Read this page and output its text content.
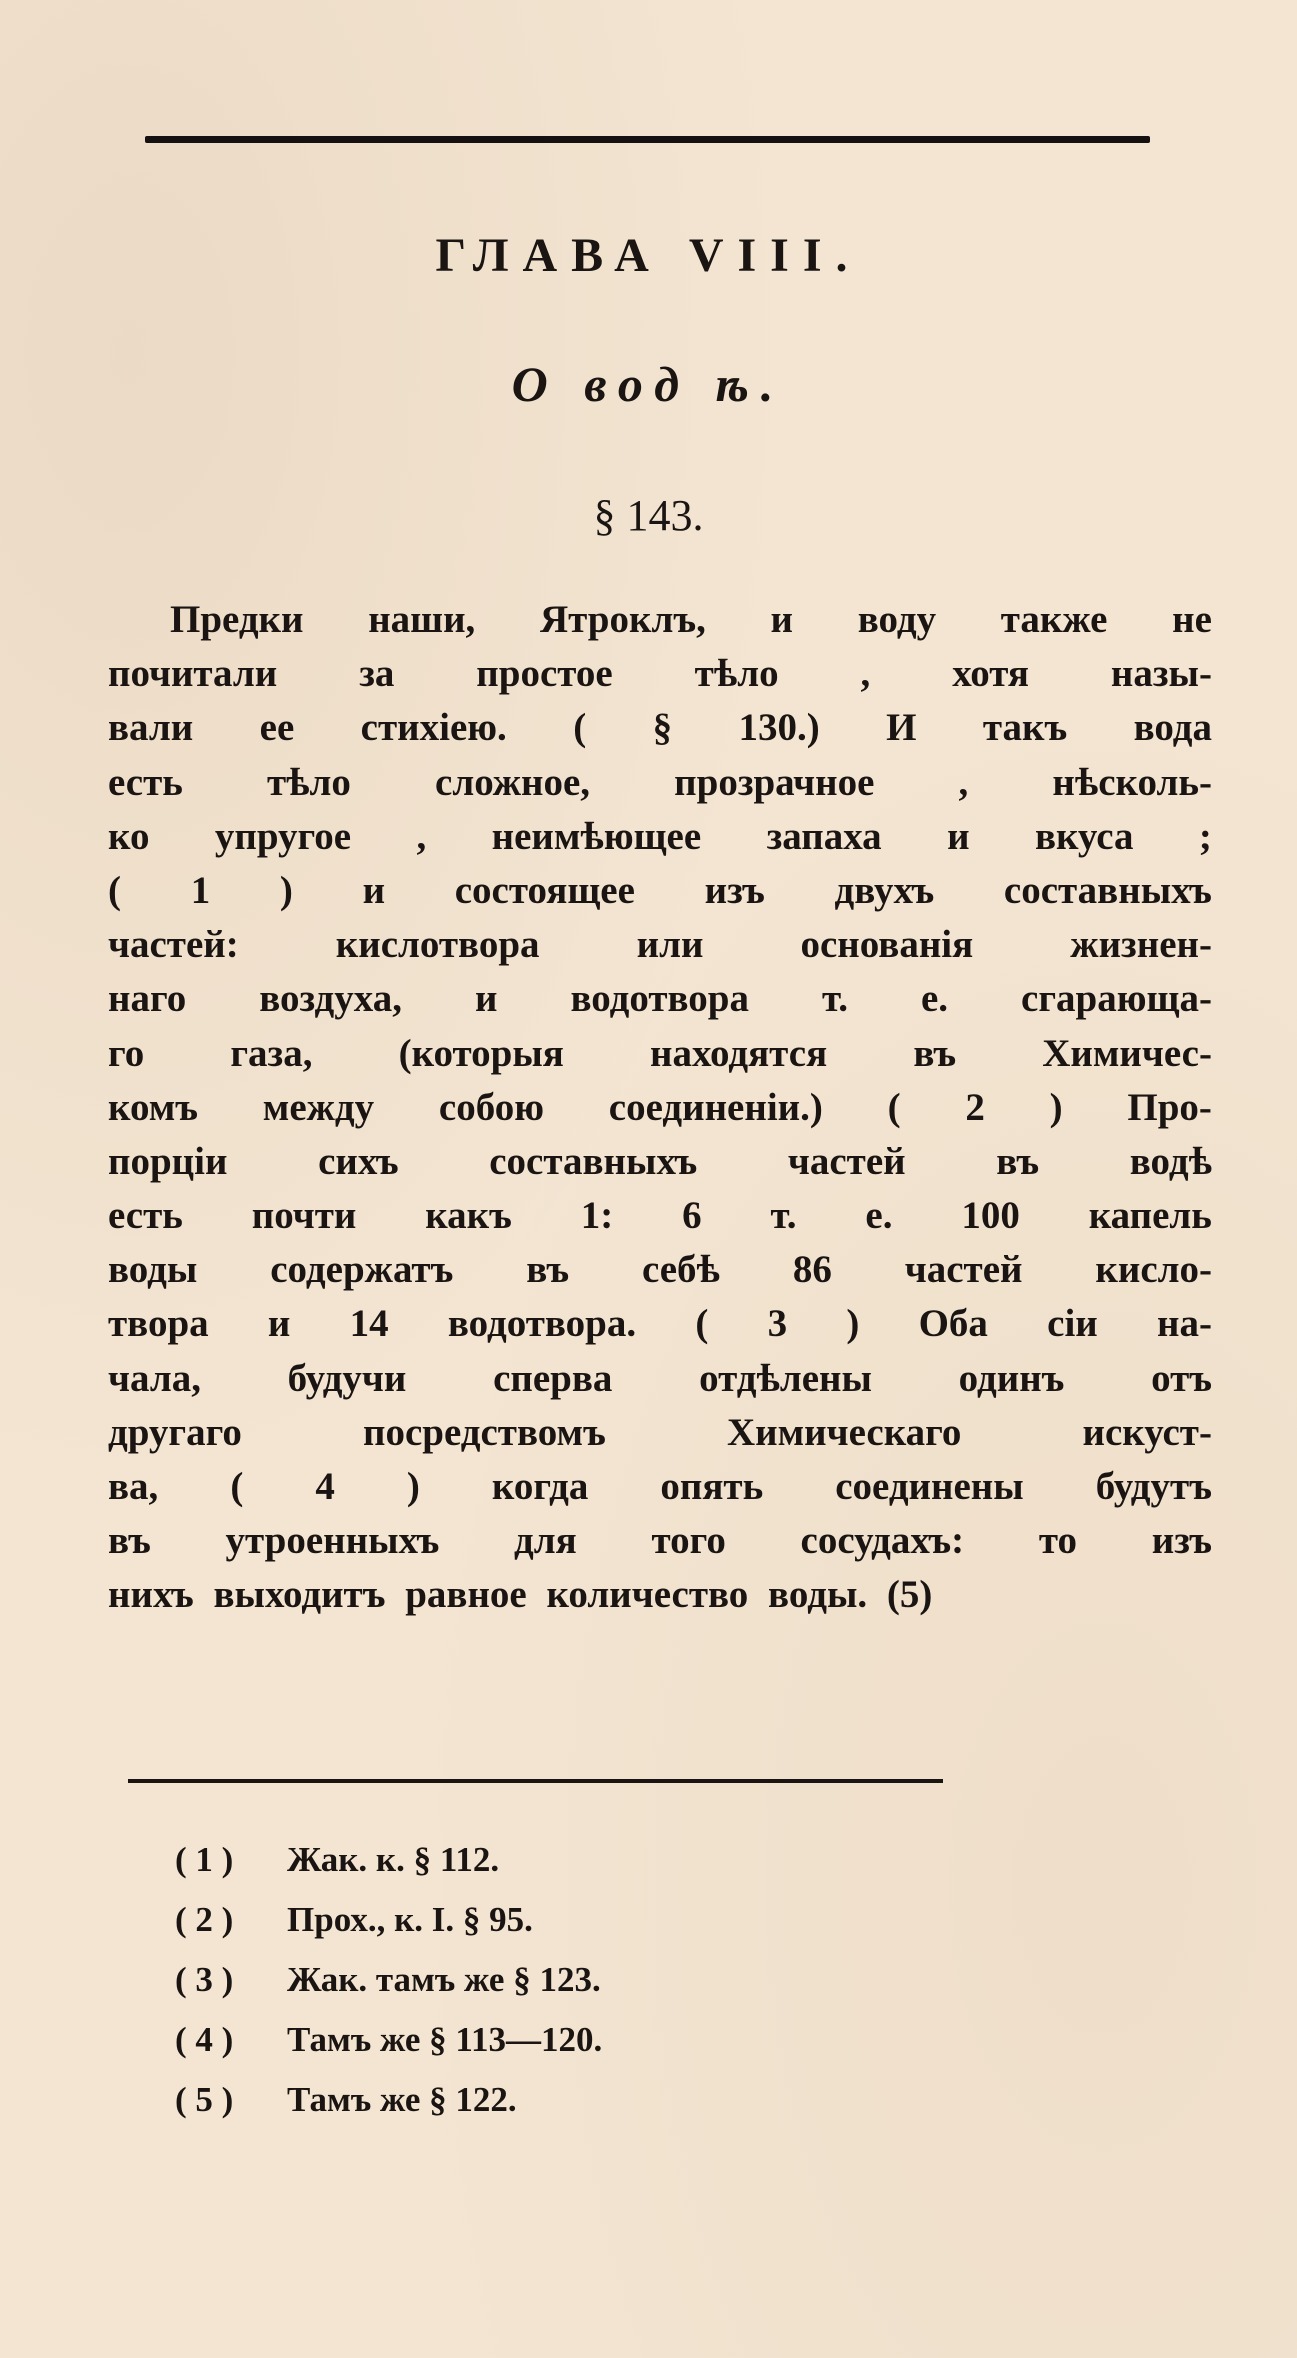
ГЛАВА VIII.
О вод ѣ.
§ 143.
Предки наши, Ятроклъ, и воду также не
почитали за простое тѣло , хотя назы-
вали ее стихіею. ( § 130.) И такъ вода
есть тѣло сложное, прозрачное , нѣсколь-
ко упругое , неимѣющее запаха и вкуса ;
( 1 ) и состоящее изъ двухъ составныхъ
частей: кислотвора или основанія жизнен-
наго воздуха, и водотвора т. е. сгарающа-
го газа, (которыя находятся въ Химичес-
комъ между собою соединеніи.) ( 2 ) Про-
порціи сихъ составныхъ частей въ водѣ
есть почти какъ 1: 6 т. е. 100 капель
воды содержатъ въ себѣ 86 частей кисло-
твора и 14 водотвора. ( 3 ) Оба сіи на-
чала, будучи сперва отдѣлены одинъ отъ
другаго	посредствомъ	Химическаго	искуст-
ва, ( 4 ) когда опять соединены будутъ
въ утроенныхъ для того сосудахъ: то изъ
нихъ выходитъ равное количество воды. (5)
( 1 ) Жак. к. § 112.
( 2 ) Прох., к. I. § 95.
( 3 ) Жак. тамъ же § 123.
( 4 ) Тамъ же § 113—120.
( 5 ) Тамъ же § 122.
